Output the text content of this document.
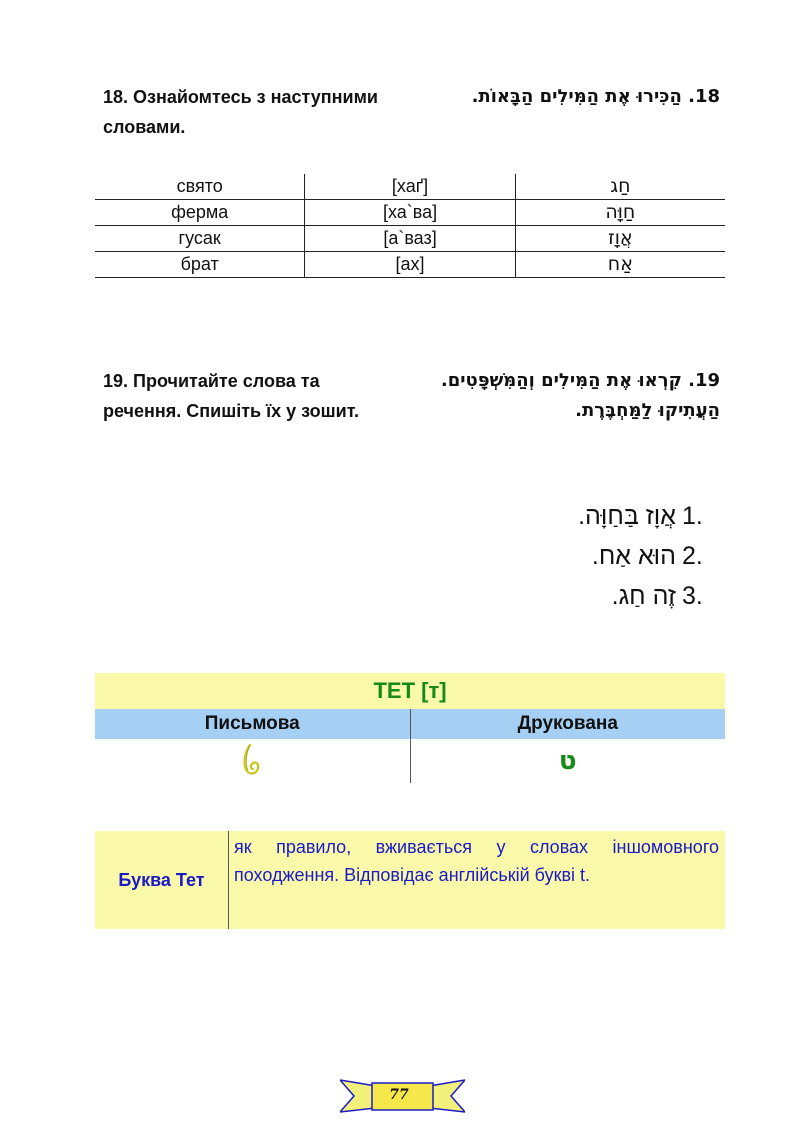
18. Ознайомтесь з наступними словами.
18. הַכִּירוּ אֶת הַמִּילִים הַבָּאוֹת.
свято	[хаґ]	חַג
ферма	[ха`ва]	חַוָּה
гусак	[а`ваз]	אֲוָז
брат	[ах]	אַח
19. Прочитайте слова та речення. Спишіть їх у зошит.
19. קִרְאוּ אֶת הַמִּילִים וְהַמִּשְׁפָּטִים. הַעֲתִיקוּ לַמַּחְבֶּרֶת.
1.
אֲוָז בַּחַוָּה.
2.
הוּא אַח.
3.
זֶה חַג.
ТЕТ [т]	
Письмова	Друкована
	ט
Буква Тет
як правило, вживається у словах іншомовного походження. Відповідає англійській букві t.
77
